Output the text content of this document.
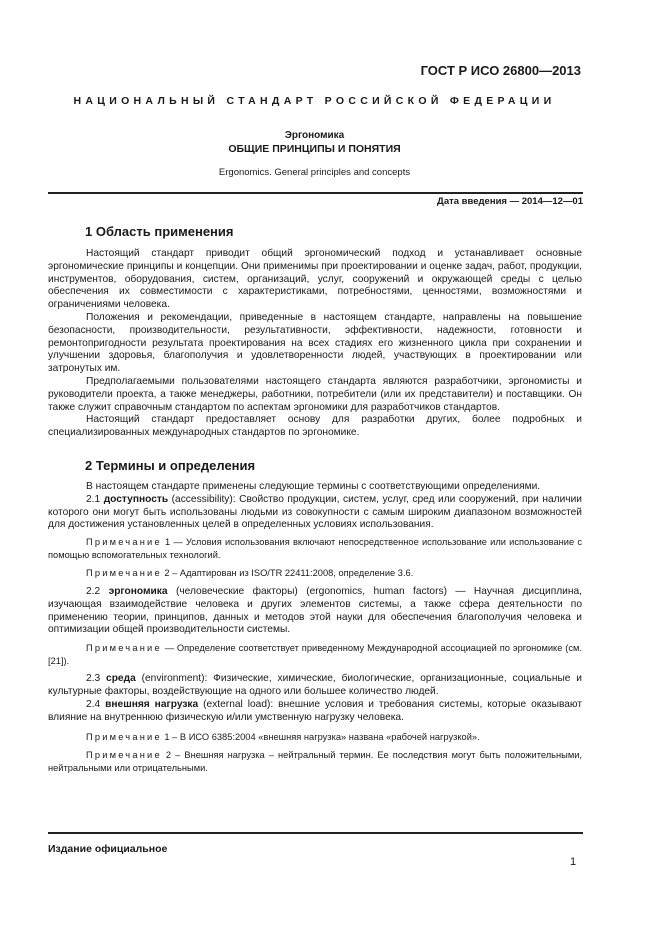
ГОСТ Р ИСО 26800—2013
НАЦИОНАЛЬНЫЙ СТАНДАРТ РОССИЙСКОЙ ФЕДЕРАЦИИ
Эргономика
ОБЩИЕ ПРИНЦИПЫ И ПОНЯТИЯ
Ergonomics. General principles and concepts
Дата введения — 2014—12—01
1 Область применения

Настоящий стандарт приводит общий эргономический подход и устанавливает основные эргономические принципы и концепции. Они применимы при проектировании и оценке задач, работ, продукции, инструментов, оборудования, систем, организаций, услуг, сооружений и окружающей среды с целью обеспечения их совместимости с характеристиками, потребностями, ценностями, возможностями и ограничениями человека.

Положения и рекомендации, приведенные в настоящем стандарте, направлены на повышение безопасности, производительности, результативности, эффективности, надежности, готовности и ремонтопригодности результата проектирования на всех стадиях его жизненного цикла при сохранении и улучшении здоровья, благополучия и удовлетворенности людей, участвующих в проектировании или затронутых им.

Предполагаемыми пользователями настоящего стандарта являются разработчики, эргономисты и руководители проекта, а также менеджеры, работники, потребители (или их представители) и поставщики. Он также служит справочным стандартом по аспектам эргономики для разработчиков стандартов.

Настоящий стандарт предоставляет основу для разработки других, более подробных и специализированных международных стандартов по эргономике.

2 Термины и определения

В настоящем стандарте применены следующие термины с соответствующими определениями.

2.1 доступность (accessibility): Свойство продукции, систем, услуг, сред или сооружений, при наличии которого они могут быть использованы людьми из совокупности с самым широким диапазоном возможностей для достижения установленных целей в определенных условиях использования.

Примечание 1 — Условия использования включают непосредственное использование или использование с помощью вспомогательных технологий.

Примечание 2 – Адаптирован из ISO/TR 22411:2008, определение 3.6.

2.2 эргономика (человеческие факторы) (ergonomics, human factors) — Научная дисциплина, изучающая взаимодействие человека и других элементов системы, а также сфера деятельности по применению теории, принципов, данных и методов этой науки для обеспечения благополучия человека и оптимизации общей производительности системы.

Примечание — Определение соответствует приведенному Международной ассоциацией по эргономике (см.[21]).

2.3 среда (environment): Физические, химические, биологические, организационные, социальные и культурные факторы, воздействующие на одного или большее количество людей.

2.4 внешняя нагрузка (external load): внешние условия и требования системы, которые оказывают влияние на внутреннюю физическую и/или умственную нагрузку человека.

Примечание 1 – В ИСО 6385:2004 «внешняя нагрузка» названа «рабочей нагрузкой».

Примечание 2 – Внешняя нагрузка – нейтральный термин. Ее последствия могут быть положительными, нейтральными или отрицательными.

Издание официальное
1
